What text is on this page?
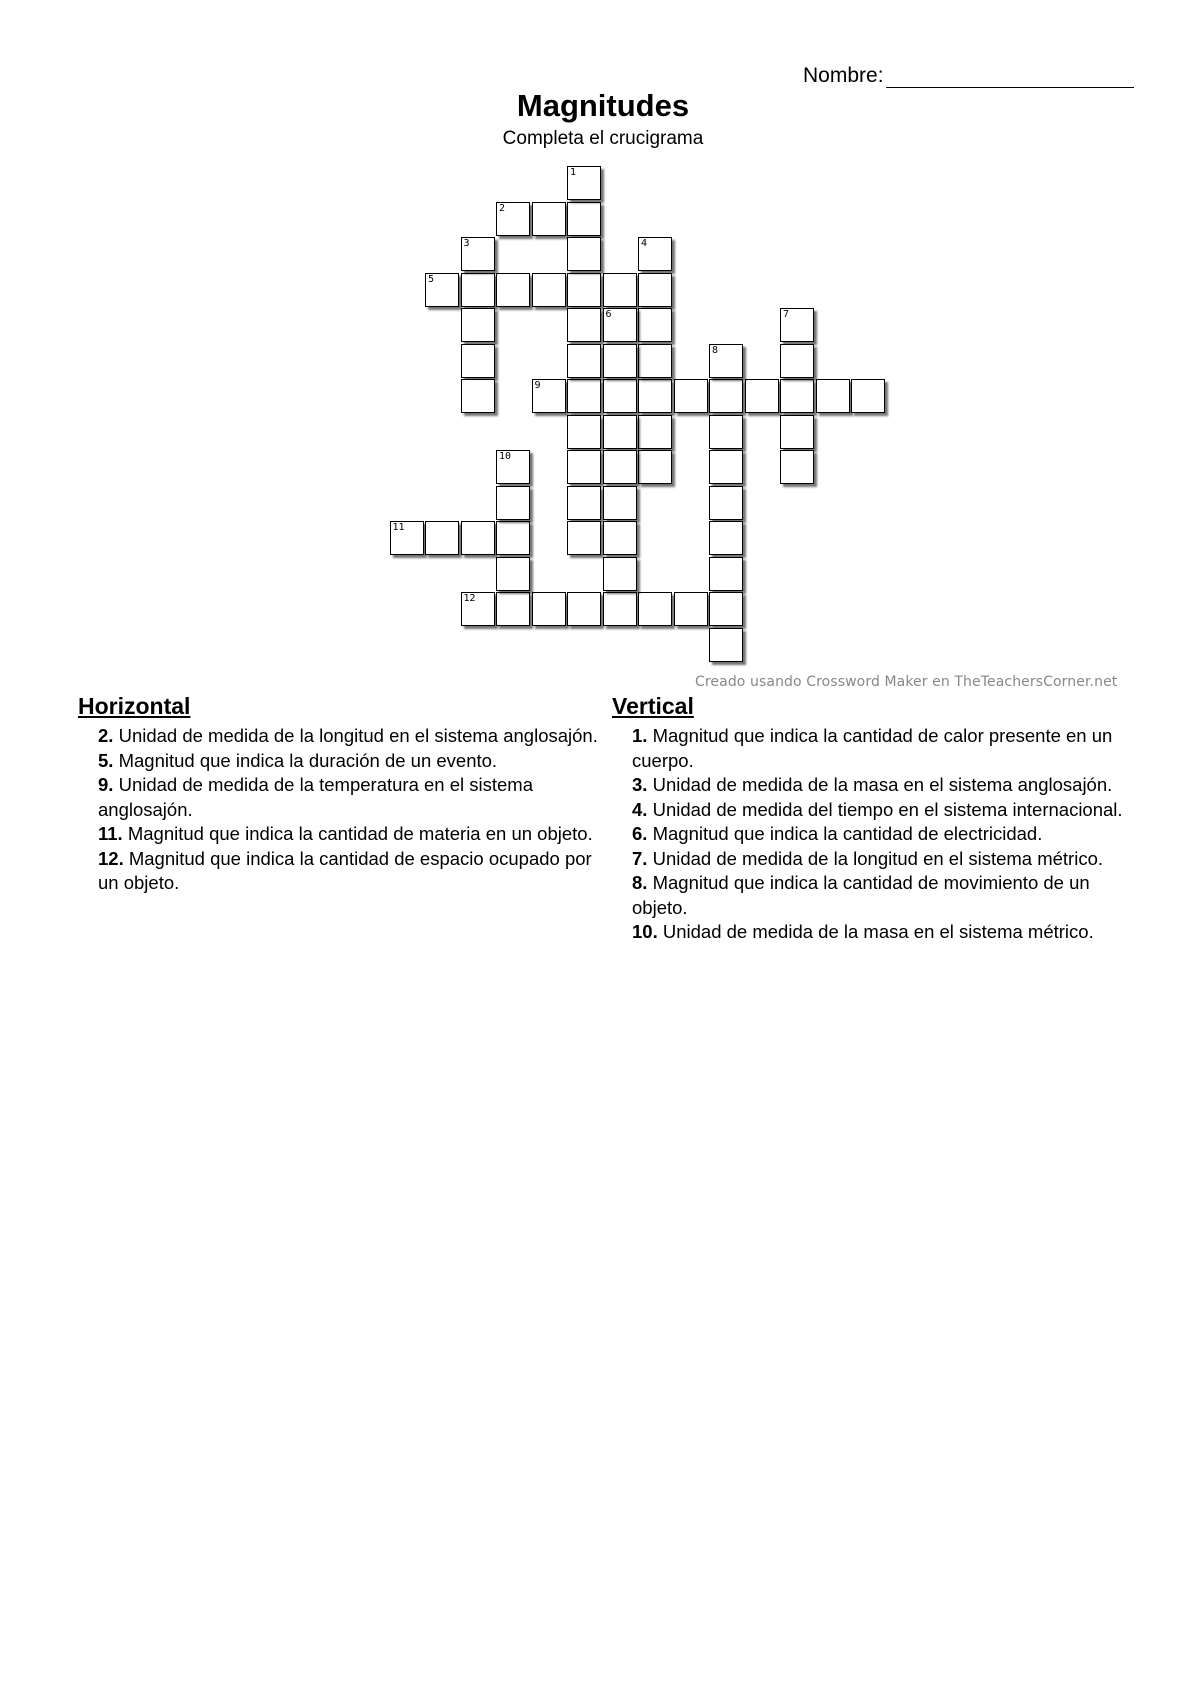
Nombre:
Magnitudes
Completa el crucigrama
2
5
9
11
12
1
3	4
6	7
8
10
Creado usando Crossword Maker en TheTeachersCorner.net
Horizontal
2. Unidad de medida de la longitud en el sistema anglosajón.
5. Magnitud que indica la duración de un evento.
9. Unidad de medida de la temperatura en el sistema anglosajón.
11. Magnitud que indica la cantidad de materia en un objeto.
12. Magnitud que indica la cantidad de espacio ocupado por un objeto.
Vertical
1. Magnitud que indica la cantidad de calor presente en un cuerpo.
3. Unidad de medida de la masa en el sistema anglosajón.
4. Unidad de medida del tiempo en el sistema internacional.
6. Magnitud que indica la cantidad de electricidad.
7. Unidad de medida de la longitud en el sistema métrico.
8. Magnitud que indica la cantidad de movimiento de un objeto.
10. Unidad de medida de la masa en el sistema métrico.
